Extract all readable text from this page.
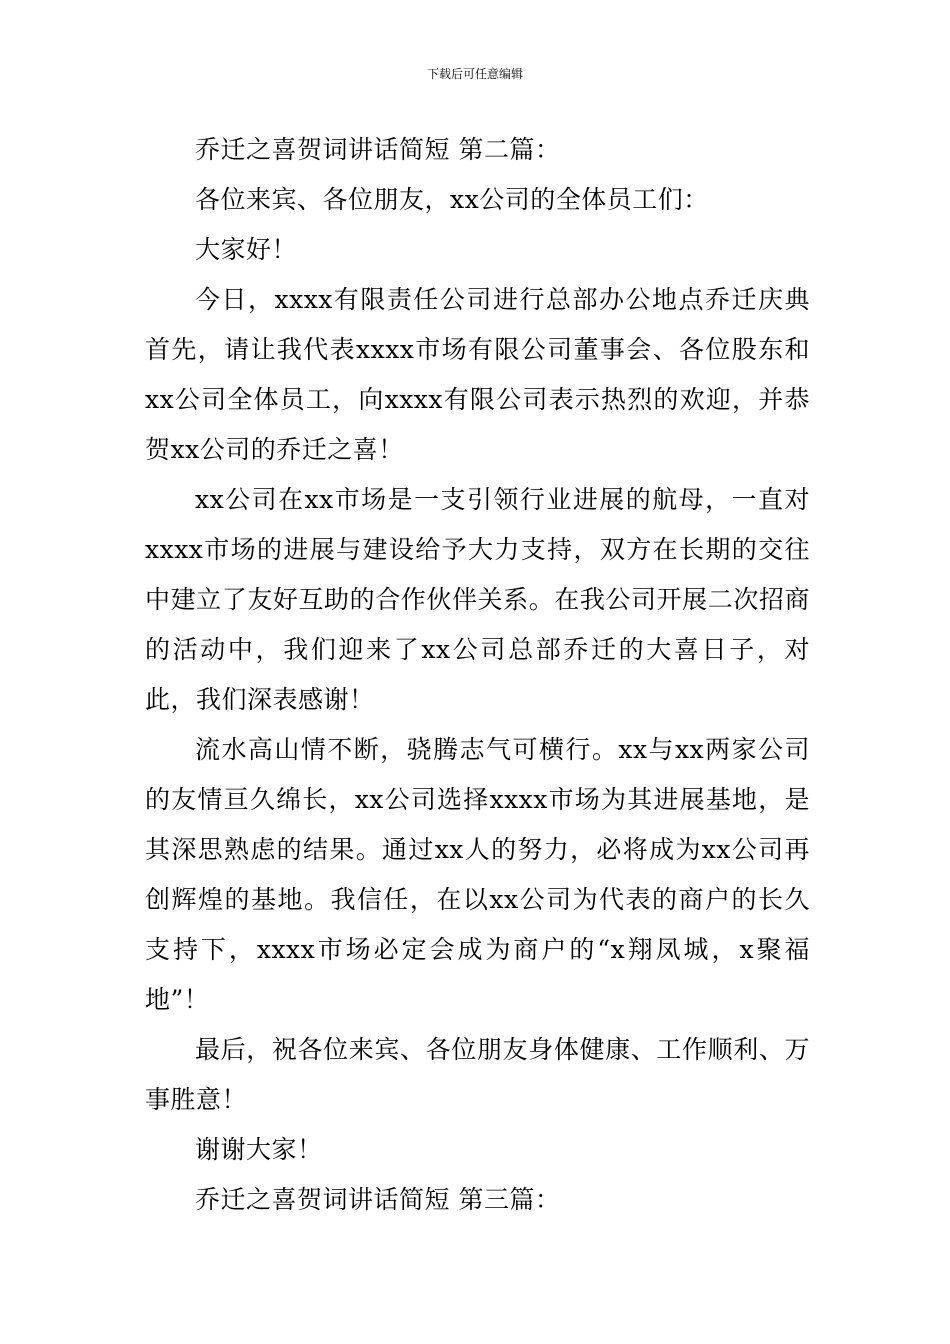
下载后可任意编辑

乔迁之喜贺词讲话简短 第二篇：

各位来宾、各位朋友，xx公司的全体员工们：

大家好！

今日，xxxx有限责任公司进行总部办公地点乔迁庆典首先，请让我代表xxxx市场有限公司董事会、各位股东和xx公司全体员工，向xxxx有限公司表示热烈的欢迎，并恭贺xx公司的乔迁之喜！

xx公司在xx市场是一支引领行业进展的航母，一直对xxxx市场的进展与建设给予大力支持，双方在长期的交往中建立了友好互助的合作伙伴关系。在我公司开展二次招商的活动中，我们迎来了xx公司总部乔迁的大喜日子，对此，我们深表感谢！

流水高山情不断，骁腾志气可横行。xx与xx两家公司的友情亘久绵长，xx公司选择xxxx市场为其进展基地，是其深思熟虑的结果。通过xx人的努力，必将成为xx公司再创辉煌的基地。我信任，在以xx公司为代表的商户的长久支持下，xxxx市场必定会成为商户的“x翔凤城，x聚福地”！

最后，祝各位来宾、各位朋友身体健康、工作顺利、万事胜意！

谢谢大家！

乔迁之喜贺词讲话简短 第三篇：
